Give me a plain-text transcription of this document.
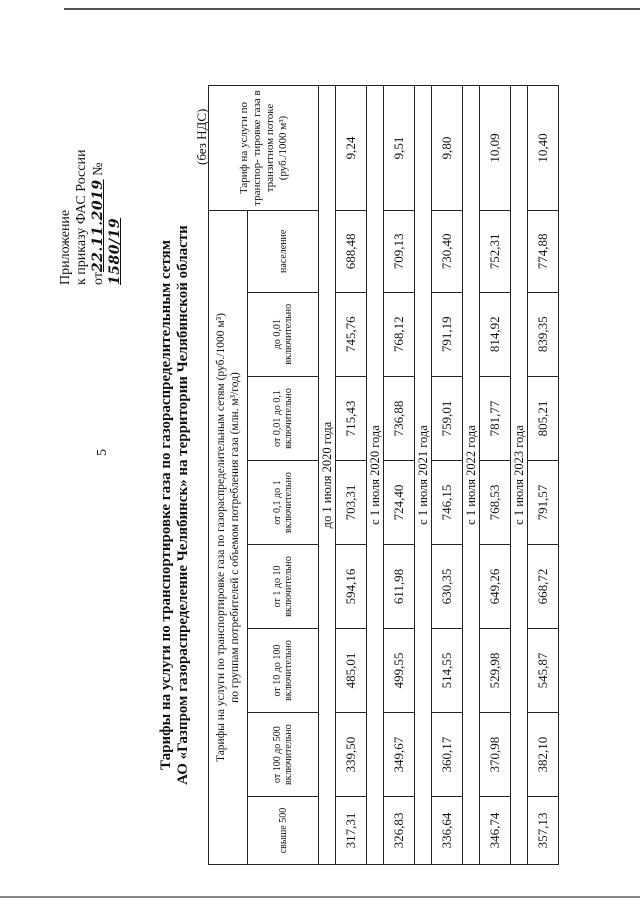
5
Приложение к приказу ФАС России от22.11.2019 № 1580/19 Тарифы на услуги по транспортировке газа по газораспределительным сетям АО «Газпром газораспределение Челябинск» на территории Челябинской области
(без НДС)
Тарифы на услуги по транспортировке газа по газораспределительным сетям (руб./1000 м³) по группам потребителей с объемом потребления газа (млн. м³/год)								Тариф на услуги по транспор- тировке газа в транзитном потоке (руб./1000 м³)
свыше 500	от 100 до 500 включительно	от 10 до 100 включительно	от 1 до 10 включительно	от 0,1 до 1 включительно	от 0,01 до 0,1 включительно	до 0,01 включительно	население	
до 1 июля 2020 года								
317,31	339,50	485,01	594,16	703,31	715,43	745,76	688,48	9,24
с 1 июля 2020 года								
326,83	349,67	499,55	611,98	724,40	736,88	768,12	709,13	9,51
с 1 июля 2021 года								
336,64	360,17	514,55	630,35	746,15	759,01	791,19	730,40	9,80
с 1 июля 2022 года								
346,74	370,98	529,98	649,26	768,53	781,77	814,92	752,31	10,09
с 1 июля 2023 года								
357,13	382,10	545,87	668,72	791,57	805,21	839,35	774,88	10,40
